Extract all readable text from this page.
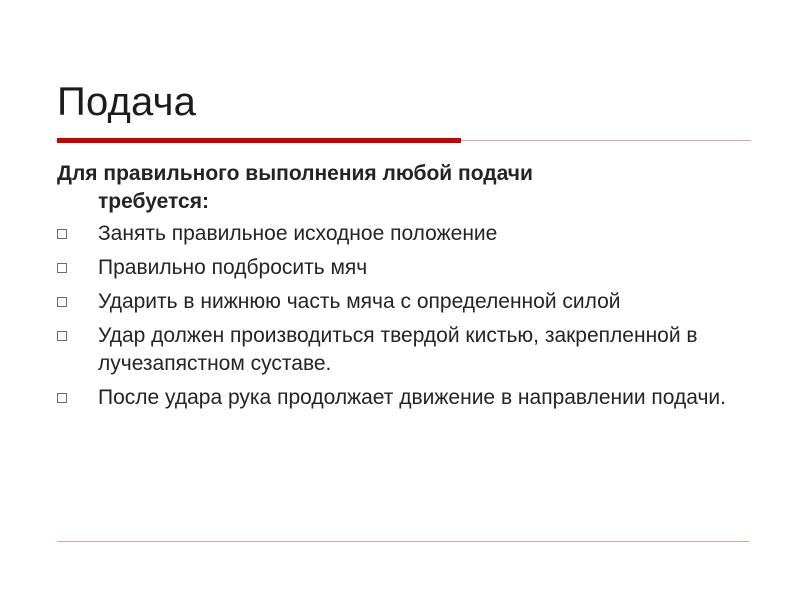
Подача

Для правильного выполнения любой подачи
требуется:

Занять правильное исходное положение
Правильно подбросить мяч
Ударить в нижнюю часть мяча с определенной силой
Удар должен производиться твердой кистью, закрепленной в лучезапястном суставе.
После удара рука продолжает движение в направлении подачи.
